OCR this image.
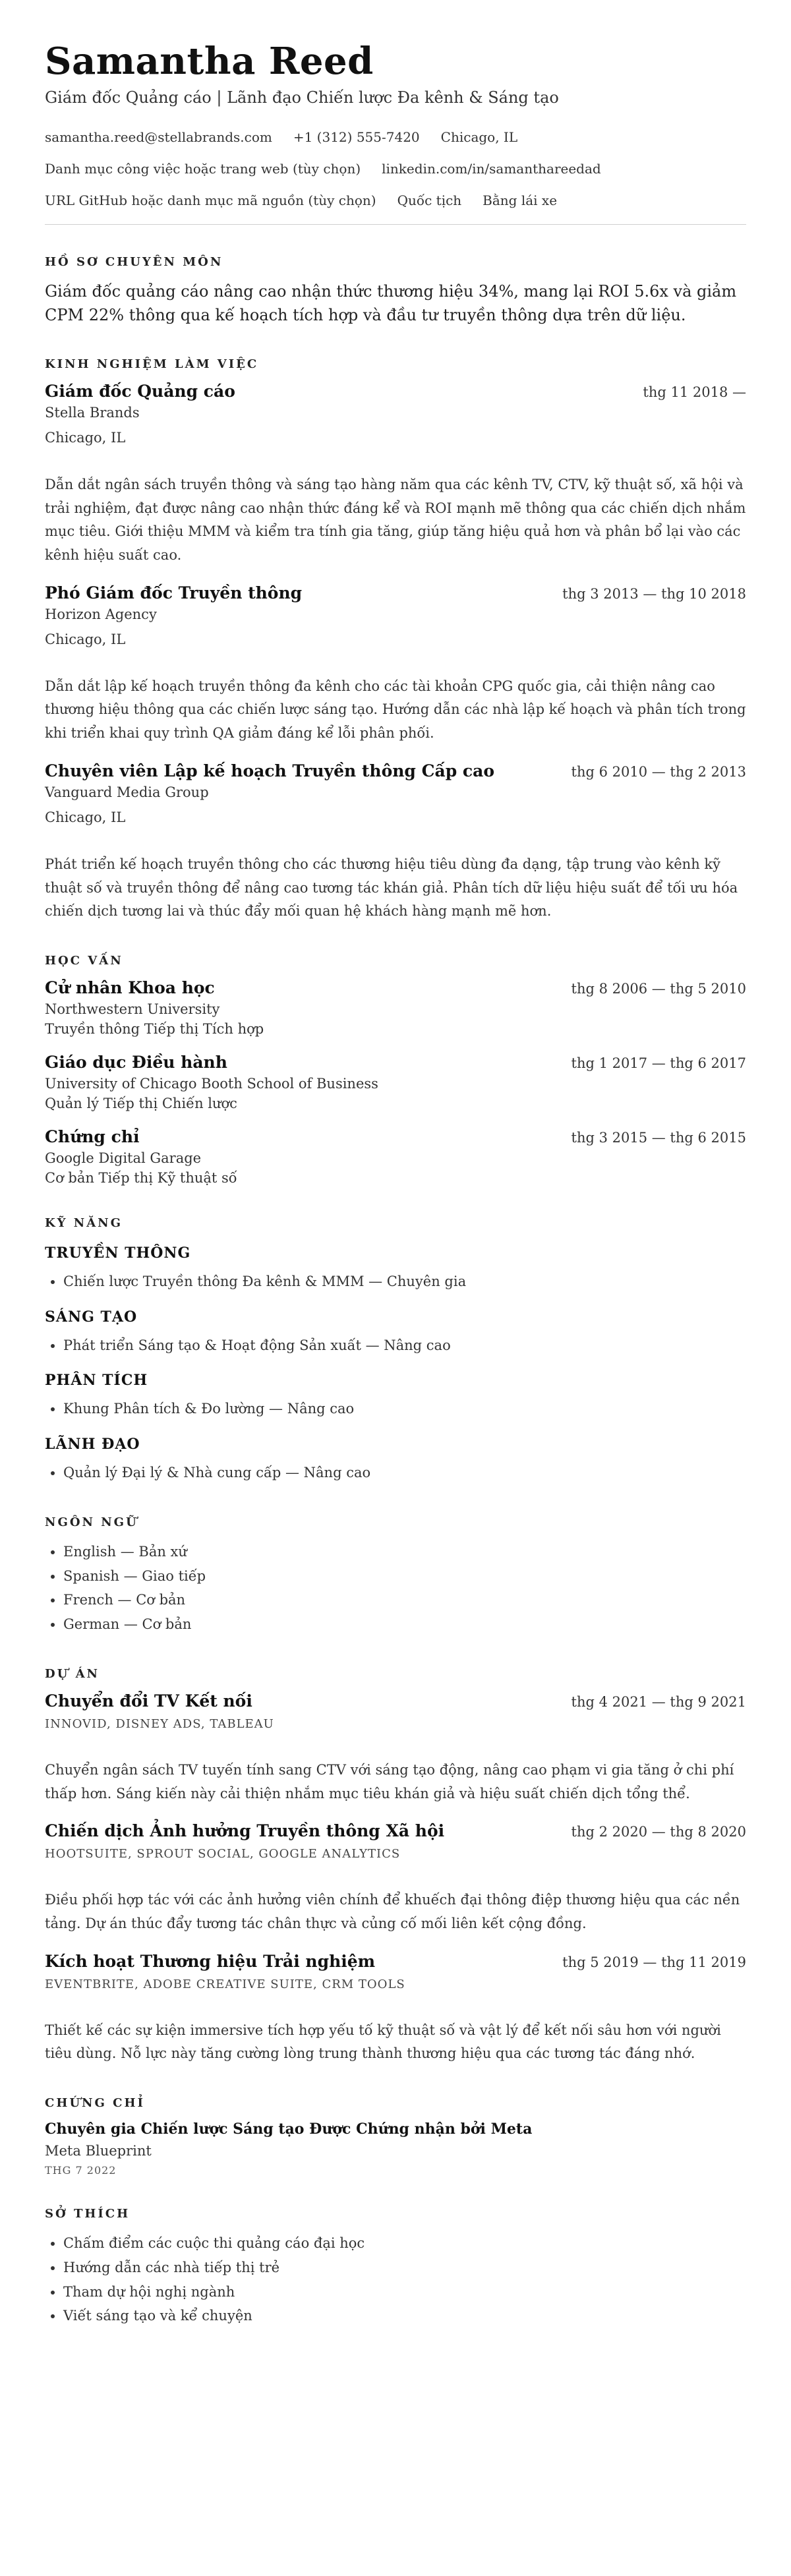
Samantha Reed
Giám đốc Quảng cáo | Lãnh đạo Chiến lược Đa kênh & Sáng tạo
samantha.reed@stellabrands.com +1 (312) 555-7420 Chicago, IL
Danh mục công việc hoặc trang web (tùy chọn) linkedin.com/in/samanthareedad
URL GitHub hoặc danh mục mã nguồn (tùy chọn) Quốc tịch Bằng lái xe
HỒ SƠ CHUYÊN MÔN

Giám đốc quảng cáo nâng cao nhận thức thương hiệu 34%, mang lại ROI 5.6x và giảm CPM 22% thông qua kế hoạch tích hợp và đầu tư truyền thông dựa trên dữ liệu.

KINH NGHIỆM LÀM VIỆC
Giám đốc Quảng cáo	thg 11 2018 —
Stella Brands
Chicago, IL

Dẫn dắt ngân sách truyền thông và sáng tạo hàng năm qua các kênh TV, CTV, kỹ thuật số, xã hội và trải nghiệm, đạt được nâng cao nhận thức đáng kể và ROI mạnh mẽ thông qua các chiến dịch nhắm mục tiêu. Giới thiệu MMM và kiểm tra tính gia tăng, giúp tăng hiệu quả hơn và phân bổ lại vào các kênh hiệu suất cao.

Phó Giám đốc Truyền thông	thg 3 2013 — thg 10 2018
Horizon Agency
Chicago, IL

Dẫn dắt lập kế hoạch truyền thông đa kênh cho các tài khoản CPG quốc gia, cải thiện nâng cao thương hiệu thông qua các chiến lược sáng tạo. Hướng dẫn các nhà lập kế hoạch và phân tích trong khi triển khai quy trình QA giảm đáng kể lỗi phân phối.

Chuyên viên Lập kế hoạch Truyền thông Cấp cao	thg 6 2010 — thg 2 2013
Vanguard Media Group
Chicago, IL

Phát triển kế hoạch truyền thông cho các thương hiệu tiêu dùng đa dạng, tập trung vào kênh kỹ thuật số và truyền thông để nâng cao tương tác khán giả. Phân tích dữ liệu hiệu suất để tối ưu hóa chiến dịch tương lai và thúc đẩy mối quan hệ khách hàng mạnh mẽ hơn.

HỌC VẤN
Cử nhân Khoa học	thg 8 2006 — thg 5 2010
Northwestern University
Truyền thông Tiếp thị Tích hợp
Giáo dục Điều hành	thg 1 2017 — thg 6 2017
University of Chicago Booth School of Business
Quản lý Tiếp thị Chiến lược
Chứng chỉ	thg 3 2015 — thg 6 2015
Google Digital Garage
Cơ bản Tiếp thị Kỹ thuật số
KỸ NĂNG
TRUYỀN THÔNG
• Chiến lược Truyền thông Đa kênh & MMM — Chuyên gia
SÁNG TẠO
• Phát triển Sáng tạo & Hoạt động Sản xuất — Nâng cao
PHÂN TÍCH
• Khung Phân tích & Đo lường — Nâng cao
LÃNH ĐẠO
• Quản lý Đại lý & Nhà cung cấp — Nâng cao
NGÔN NGỮ
• English — Bản xứ
• Spanish — Giao tiếp
• French — Cơ bản
• German — Cơ bản
DỰ ÁN
Chuyển đổi TV Kết nối	thg 4 2021 — thg 9 2021
INNOVID, DISNEY ADS, TABLEAU

Chuyển ngân sách TV tuyến tính sang CTV với sáng tạo động, nâng cao phạm vi gia tăng ở chi phí thấp hơn. Sáng kiến này cải thiện nhắm mục tiêu khán giả và hiệu suất chiến dịch tổng thể.

Chiến dịch Ảnh hưởng Truyền thông Xã hội	thg 2 2020 — thg 8 2020
HOOTSUITE, SPROUT SOCIAL, GOOGLE ANALYTICS

Điều phối hợp tác với các ảnh hưởng viên chính để khuếch đại thông điệp thương hiệu qua các nền tảng. Dự án thúc đẩy tương tác chân thực và củng cố mối liên kết cộng đồng.

Kích hoạt Thương hiệu Trải nghiệm	thg 5 2019 — thg 11 2019
EVENTBRITE, ADOBE CREATIVE SUITE, CRM TOOLS

Thiết kế các sự kiện immersive tích hợp yếu tố kỹ thuật số và vật lý để kết nối sâu hơn với người tiêu dùng. Nỗ lực này tăng cường lòng trung thành thương hiệu qua các tương tác đáng nhớ.

CHỨNG CHỈ
Chuyên gia Chiến lược Sáng tạo Được Chứng nhận bởi Meta
Meta Blueprint
THG 7 2022
SỞ THÍCH
• Chấm điểm các cuộc thi quảng cáo đại học
• Hướng dẫn các nhà tiếp thị trẻ
• Tham dự hội nghị ngành
• Viết sáng tạo và kể chuyện
